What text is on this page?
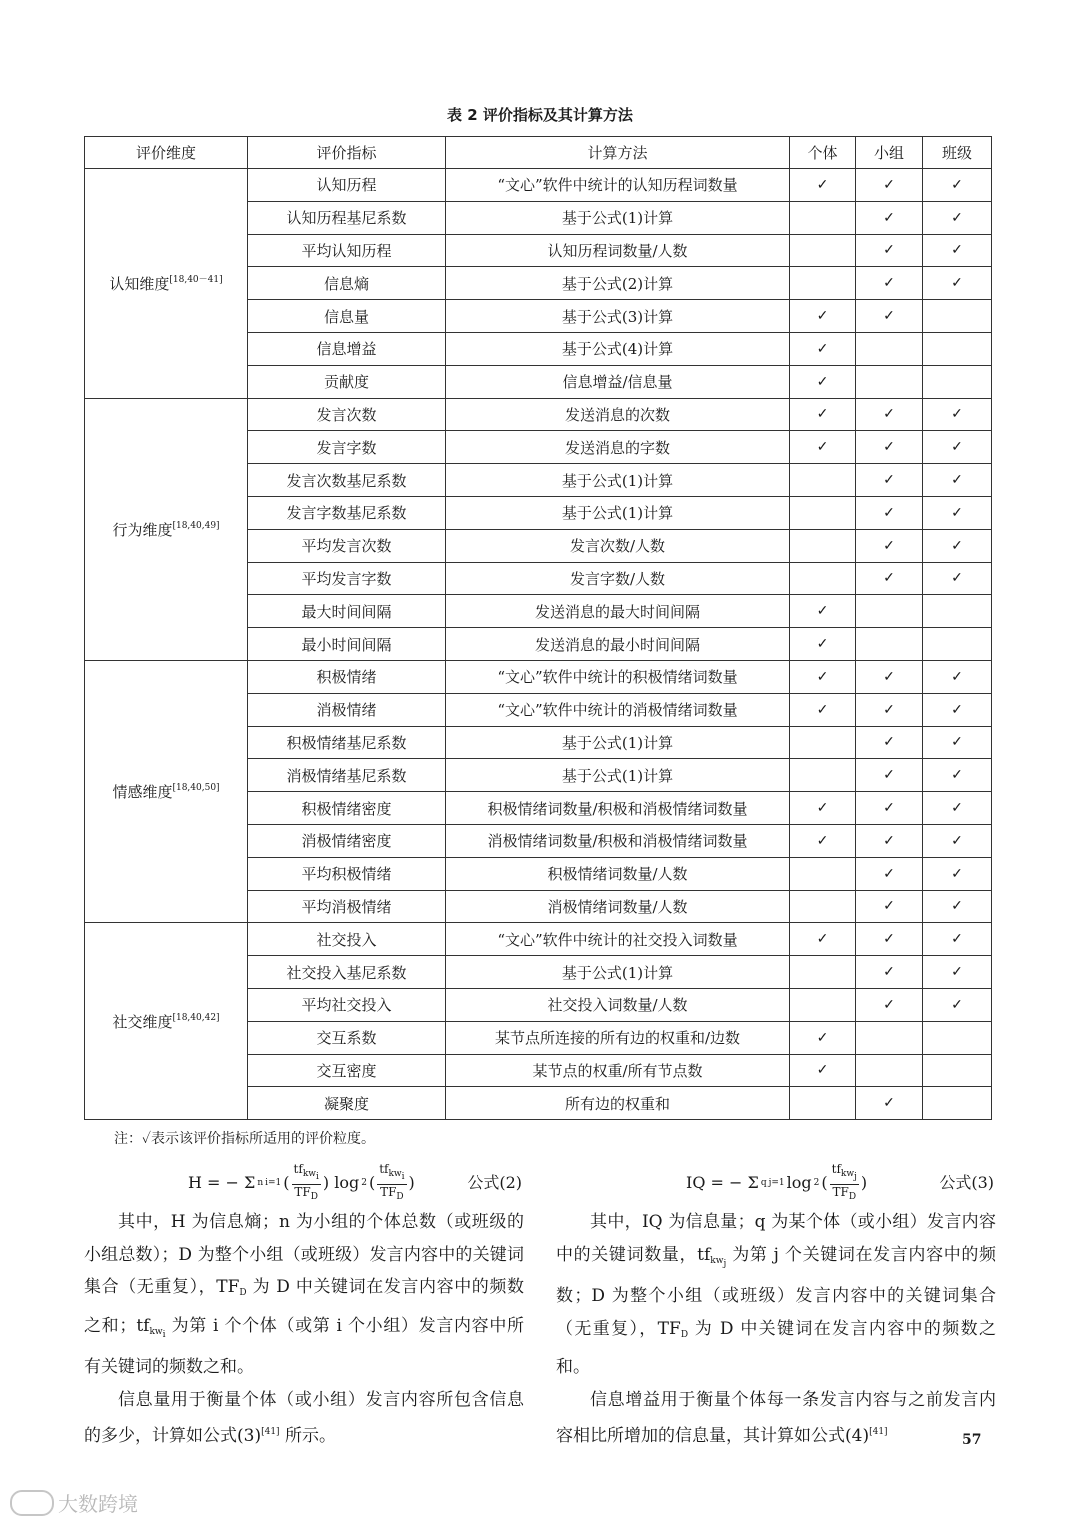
表 2 评价指标及其计算方法
评价维度	评价指标	计算方法	个体	小组	班级
认知维度[18,40－41]	认知历程	“文心”软件中统计的认知历程词数量	✓	✓	✓
	认知历程基尼系数	基于公式(1)计算		✓	✓
	平均认知历程	认知历程词数量/人数		✓	✓
	信息熵	基于公式(2)计算		✓	✓
	信息量	基于公式(3)计算	✓	✓	
	信息增益	基于公式(4)计算	✓		
	贡献度	信息增益/信息量	✓		
行为维度[18,40,49]	发言次数	发送消息的次数	✓	✓	✓
	发言字数	发送消息的字数	✓	✓	✓
	发言次数基尼系数	基于公式(1)计算		✓	✓
	发言字数基尼系数	基于公式(1)计算		✓	✓
	平均发言次数	发言次数/人数		✓	✓
	平均发言字数	发言字数/人数		✓	✓
	最大时间间隔	发送消息的最大时间间隔	✓		
	最小时间间隔	发送消息的最小时间间隔	✓		
情感维度[18,40,50]	积极情绪	“文心”软件中统计的积极情绪词数量	✓	✓	✓
	消极情绪	“文心”软件中统计的消极情绪词数量	✓	✓	✓
	积极情绪基尼系数	基于公式(1)计算		✓	✓
	消极情绪基尼系数	基于公式(1)计算		✓	✓
	积极情绪密度	积极情绪词数量/积极和消极情绪词数量	✓	✓	✓
	消极情绪密度	消极情绪词数量/积极和消极情绪词数量	✓	✓	✓
	平均积极情绪	积极情绪词数量/人数		✓	✓
	平均消极情绪	消极情绪词数量/人数		✓	✓
社交维度[18,40,42]	社交投入	“文心”软件中统计的社交投入词数量	✓	✓	✓
	社交投入基尼系数	基于公式(1)计算		✓	✓
	平均社交投入	社交投入词数量/人数		✓	✓
	交互系数	某节点所连接的所有边的权重和/边数	✓		
	交互密度	某节点的权重/所有节点数	✓		
	凝聚度	所有边的权重和		✓	
注：✓表示该评价指标所适用的评价粒度。
H = − Σ n i=1 ( $\frac{tf_{kwi}}{TF_D}$ ) log 2 ( $\frac{tf_{kwi}}{TF_D}$ )	公式(2)

其中，H 为信息熵；n 为小组的个体总数（或班级的小组总数）；D 为整个小组（或班级）发言内容中的关键词集合（无重复），$TF_D$ 为 D 中关键词在发言内容中的频数之和；$tf_{kwi}$ 为第 i 个个体（或第 i 个小组）发言内容中所有关键词的频数之和。

信息量用于衡量个体（或小组）发言内容所包含信息的多少，计算如公式(3)[41] 所示。

IQ = − Σ q j=1 log 2 ( $\frac{tf_{kwj}}{TF_D}$ )	公式(3)

其中，IQ 为信息量；q 为某个体（或小组）发言内容中的关键词数量，$tf_{kwj}$ 为第 j 个关键词在发言内容中的频数；D 为整个小组（或班级）发言内容中的关键词集合（无重复），$TF_D$ 为 D 中关键词在发言内容中的频数之和。

信息增益用于衡量个体每一条发言内容与之前发言内容相比所增加的信息量，其计算如公式(4)[41]	57
大数跨境
